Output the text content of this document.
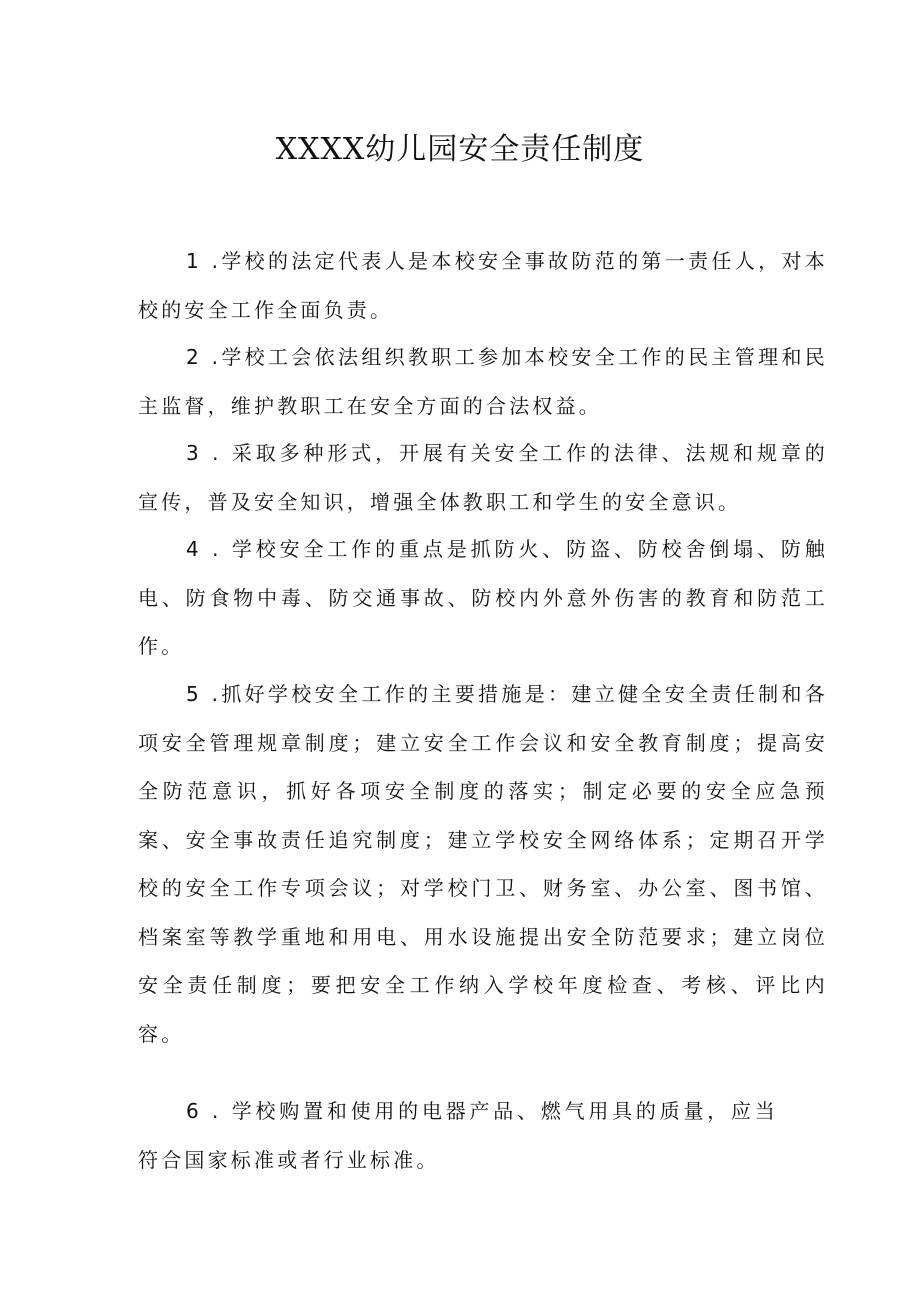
XXXX幼儿园安全责任制度

1 .学校的法定代表人是本校安全事故防范的第一责任人，对本校的安全工作全面负责。

2 .学校工会依法组织教职工参加本校安全工作的民主管理和民主监督，维护教职工在安全方面的合法权益。

3 . 采取多种形式，开展有关安全工作的法律、法规和规章的宣传，普及安全知识，增强全体教职工和学生的安全意识。

4 . 学校安全工作的重点是抓防火、防盗、防校舍倒塌、防触电、防食物中毒、防交通事故、防校内外意外伤害的教育和防范工作。

5 .抓好学校安全工作的主要措施是：建立健全安全责任制和各项安全管理规章制度；建立安全工作会议和安全教育制度；提高安全防范意识，抓好各项安全制度的落实；制定必要的安全应急预案、安全事故责任追究制度；建立学校安全网络体系；定期召开学校的安全工作专项会议；对学校门卫、财务室、办公室、图书馆、档案室等教学重地和用电、用水设施提出安全防范要求；建立岗位安全责任制度；要把安全工作纳入学校年度检查、考核、评比内容。

6 . 学校购置和使用的电器产品、燃气用具的质量，应当符合国家标准或者行业标准。
